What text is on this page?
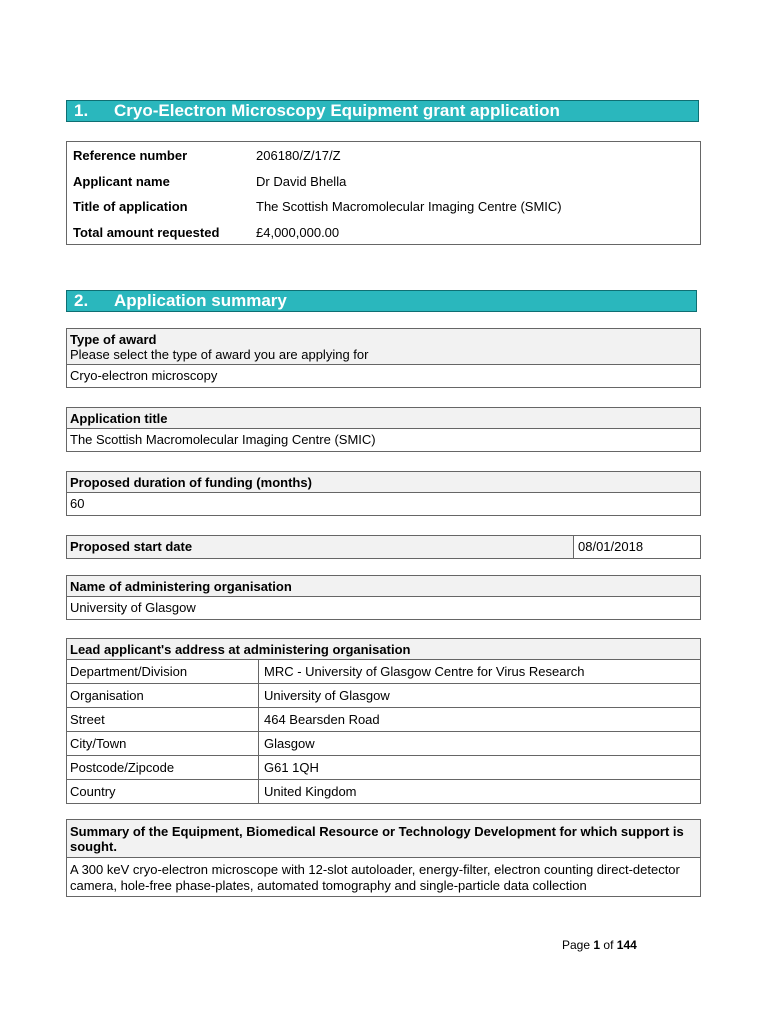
1.	Cryo-Electron Microscopy Equipment grant application
Reference number	206180/Z/17/Z
Applicant name	Dr David Bhella
Title of application	The Scottish Macromolecular Imaging Centre (SMIC)
Total amount requested	£4,000,000.00
2.	Application summary
Type of award
Please select the type of award you are applying for
Cryo-electron microscopy
Application title
The Scottish Macromolecular Imaging Centre (SMIC)
Proposed duration of funding (months)
60
Proposed start date	08/01/2018
Name of administering organisation
University of Glasgow
Lead applicant's address at administering organisation
Department/Division	MRC - University of Glasgow Centre for Virus Research
Organisation	University of Glasgow
Street	464 Bearsden Road
City/Town	Glasgow
Postcode/Zipcode	G61 1QH
Country	United Kingdom
Summary of the Equipment, Biomedical Resource or Technology Development for which support is sought.
A 300 keV cryo-electron microscope with 12-slot autoloader, energy-filter, electron counting direct-detector camera, hole-free phase-plates, automated tomography and single-particle data collection
Page 1 of 144
